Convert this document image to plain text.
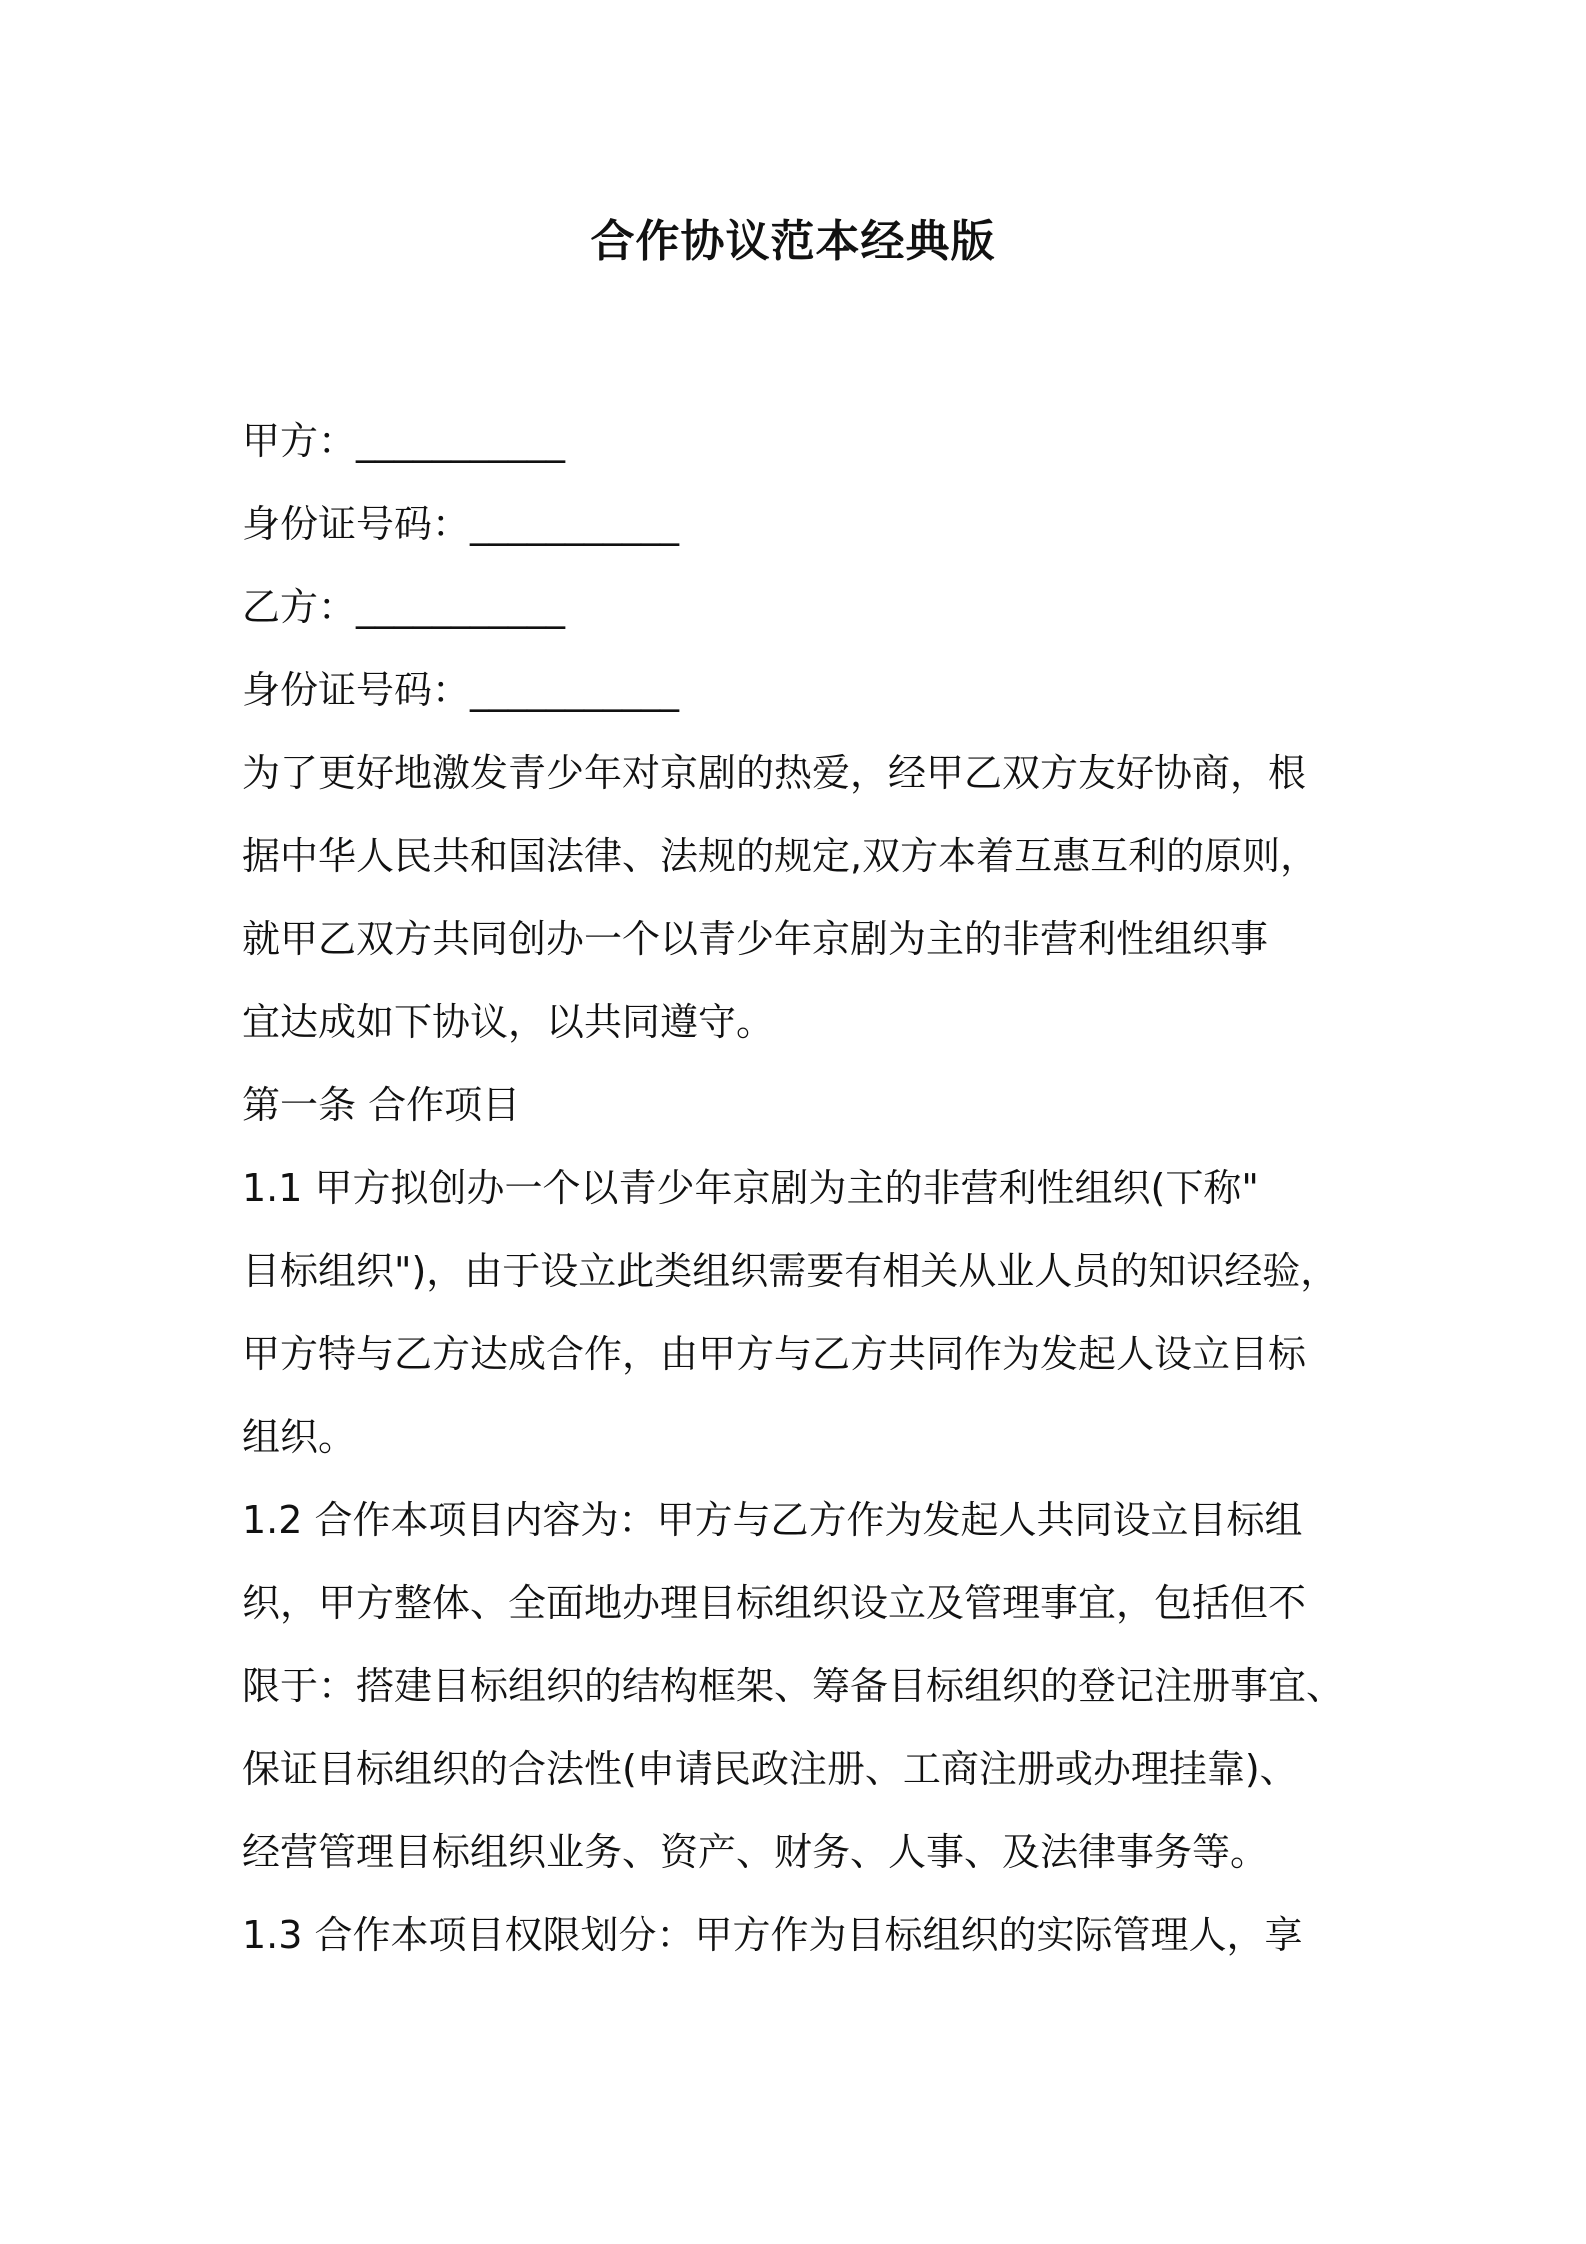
合作协议范本经典版
甲方：___________
身份证号码：___________
乙方：___________
身份证号码：___________
为了更好地激发青少年对京剧的热爱，经甲乙双方友好协商，根
据中华人民共和国法律、法规的规定,双方本着互惠互利的原则，
就甲乙双方共同创办一个以青少年京剧为主的非营利性组织事
宜达成如下协议，以共同遵守。
第一条 合作项目
1.1 甲方拟创办一个以青少年京剧为主的非营利性组织(下称"
目标组织")，由于设立此类组织需要有相关从业人员的知识经验，
甲方特与乙方达成合作，由甲方与乙方共同作为发起人设立目标
组织。
1.2 合作本项目内容为：甲方与乙方作为发起人共同设立目标组
织，甲方整体、全面地办理目标组织设立及管理事宜，包括但不
限于：搭建目标组织的结构框架、筹备目标组织的登记注册事宜、
保证目标组织的合法性(申请民政注册、工商注册或办理挂靠)、
经营管理目标组织业务、资产、财务、人事、及法律事务等。
1.3 合作本项目权限划分：甲方作为目标组织的实际管理人，享
